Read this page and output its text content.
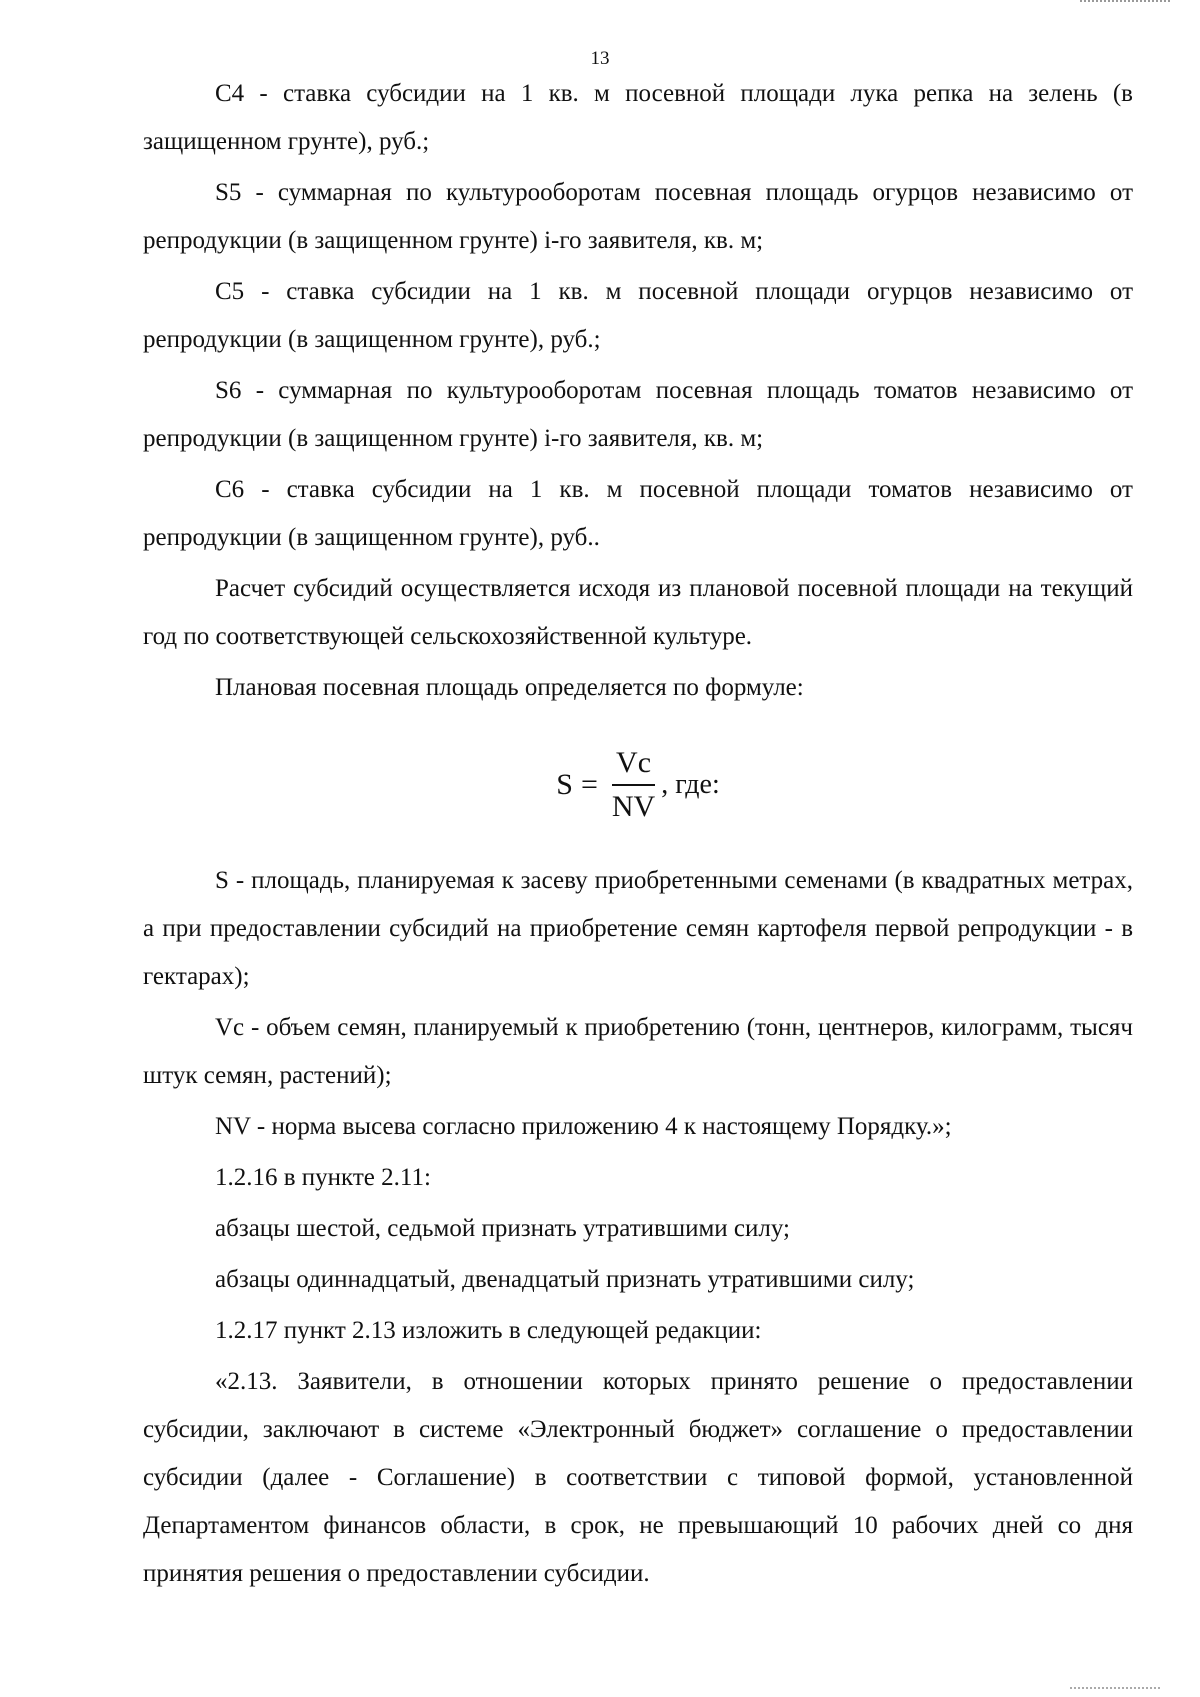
13

С4 - ставка субсидии на 1 кв. м посевной площади лука репка на зелень (в защищенном грунте), руб.;

S5 - суммарная по культурооборотам посевная площадь огурцов независимо от репродукции (в защищенном грунте) i-го заявителя, кв. м;

С5 - ставка субсидии на 1 кв. м посевной площади огурцов независимо от репродукции (в защищенном грунте), руб.;

S6 - суммарная по культурооборотам посевная площадь томатов независимо от репродукции (в защищенном грунте) i-го заявителя, кв. м;

С6 - ставка субсидии на 1 кв. м посевной площади томатов независимо от репродукции (в защищенном грунте), руб..

Расчет субсидий осуществляется исходя из плановой посевной площади на текущий год по соответствующей сельскохозяйственной культуре.

Плановая посевная площадь определяется по формуле:

$S = \frac{Vc}{NV}$ , где:

S - площадь, планируемая к засеву приобретенными семенами (в квадратных метрах, а при предоставлении субсидий на приобретение семян картофеля первой репродукции - в гектарах);

Vc - объем семян, планируемый к приобретению (тонн, центнеров, килограмм, тысяч штук семян, растений);

NV - норма высева согласно приложению 4 к настоящему Порядку.»;

1.2.16 в пункте 2.11:

абзацы шестой, седьмой признать утратившими силу;

абзацы одиннадцатый, двенадцатый признать утратившими силу;

1.2.17 пункт 2.13 изложить в следующей редакции:

«2.13. Заявители, в отношении которых принято решение о предоставлении субсидии, заключают в системе «Электронный бюджет» соглашение о предоставлении субсидии (далее - Соглашение) в соответствии с типовой формой, установленной Департаментом финансов области, в срок, не превышающий 10 рабочих дней со дня принятия решения о предоставлении субсидии.
